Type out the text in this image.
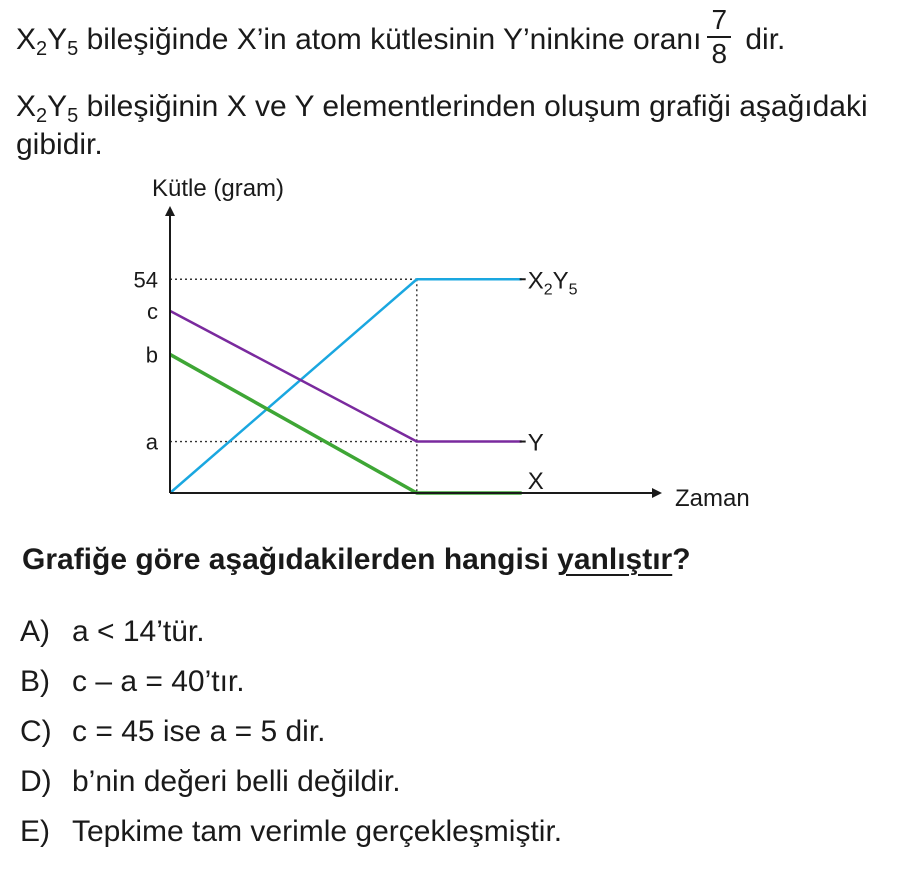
$X_2Y_5$ bileşiğinde X’in atom kütlesinin Y’ninkine oranı $\frac{7}{8}$ dir.
$X_2Y_5$ bileşiğinin X ve Y elementlerinden oluşum grafiği aşağıdaki gibidir.
Kütle (gram)
Zaman
54
c
b
a
$X_2Y_5$
Y
X
Grafiğe göre aşağıdakilerden hangisi yanlıştır?
A) a < 14’tür.
B) c – a = 40’tır.
C) c = 45 ise a = 5 dir.
D) b’nin değeri belli değildir.
E) Tepkime tam verimle gerçekleşmiştir.
